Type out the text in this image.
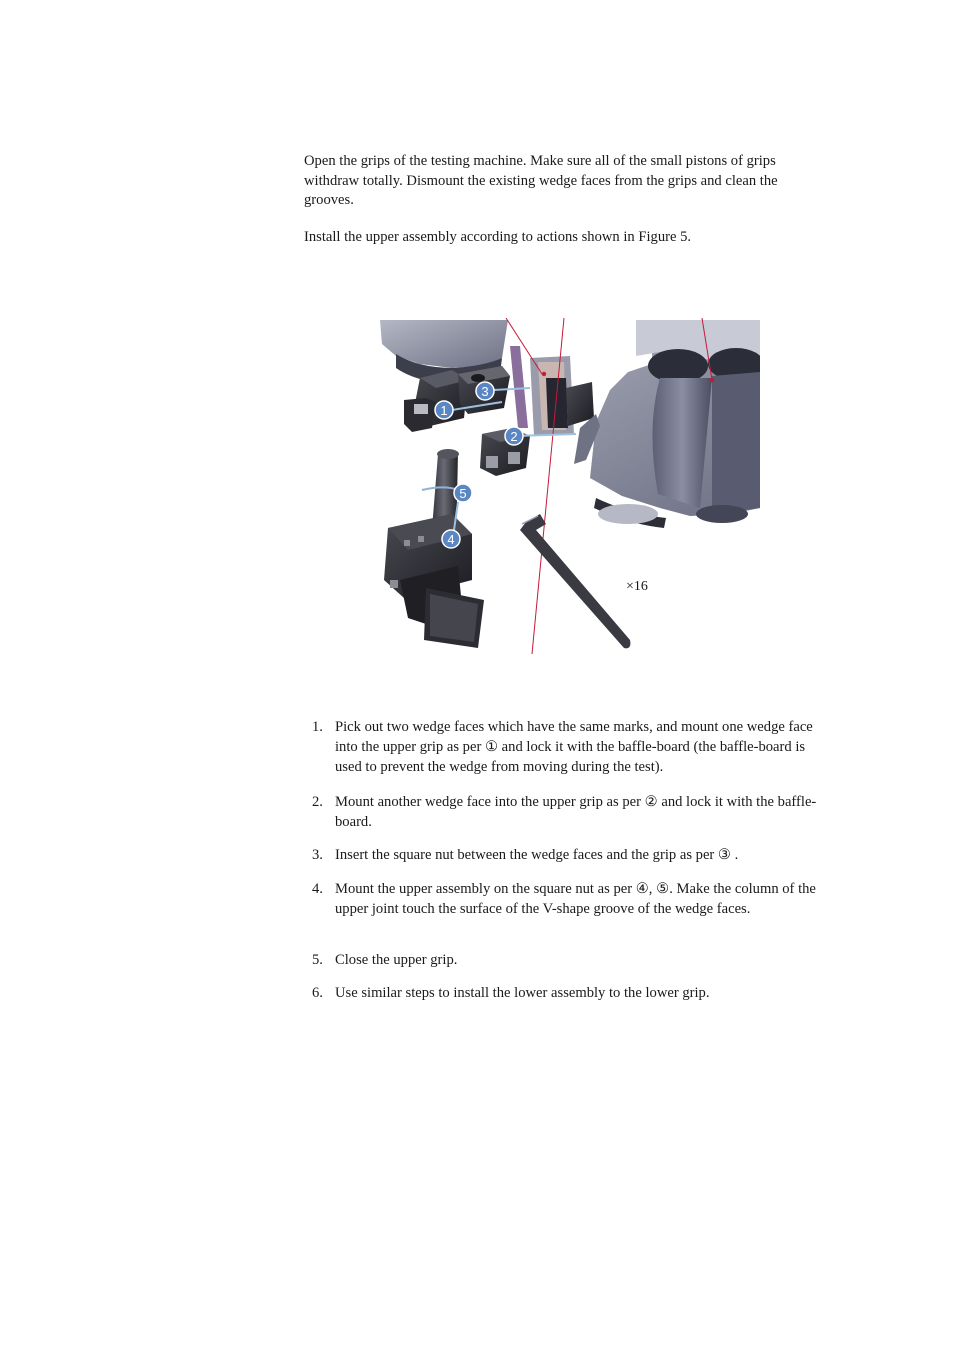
Open the grips of the testing machine. Make sure all of the small pistons of grips withdraw totally. Dismount the existing wedge faces from the grips and clean the grooves.

Install the upper assembly according to actions shown in Figure 5.

1
2
3
4
5
×16
1. Pick out two wedge faces which have the same marks, and mount one wedge face into the upper grip as per ① and lock it with the baffle-board (the baffle-board is used to prevent the wedge from moving during the test).
2. Mount another wedge face into the upper grip as per ② and lock it with the baffle-board.
3. Insert the square nut between the wedge faces and the grip as per ③ .
4. Mount the upper assembly on the square nut as per ④, ⑤. Make the column of the upper joint touch the surface of the V-shape groove of the wedge faces.
5. Close the upper grip.
6. Use similar steps to install the lower assembly to the lower grip.
